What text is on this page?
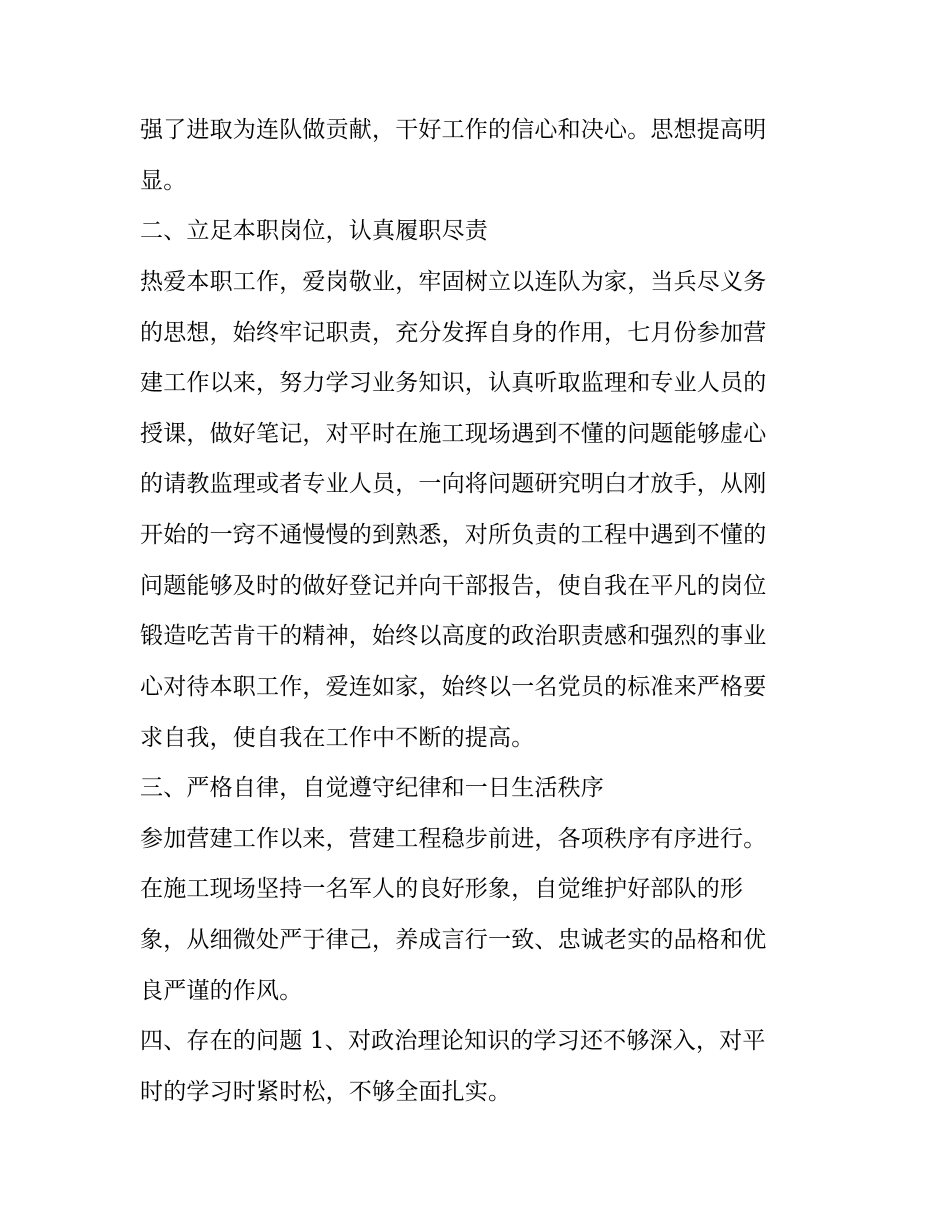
强了进取为连队做贡献，干好工作的信心和决心。思想提高明
显。
二、立足本职岗位，认真履职尽责
热爱本职工作，爱岗敬业，牢固树立以连队为家，当兵尽义务
的思想，始终牢记职责，充分发挥自身的作用，七月份参加营
建工作以来，努力学习业务知识，认真听取监理和专业人员的
授课，做好笔记，对平时在施工现场遇到不懂的问题能够虚心
的请教监理或者专业人员，一向将问题研究明白才放手，从刚
开始的一窍不通慢慢的到熟悉，对所负责的工程中遇到不懂的
问题能够及时的做好登记并向干部报告，使自我在平凡的岗位
锻造吃苦肯干的精神，始终以高度的政治职责感和强烈的事业
心对待本职工作，爱连如家，始终以一名党员的标准来严格要
求自我，使自我在工作中不断的提高。
三、严格自律，自觉遵守纪律和一日生活秩序
参加营建工作以来，营建工程稳步前进，各项秩序有序进行。
在施工现场坚持一名军人的良好形象，自觉维护好部队的形
象，从细微处严于律己，养成言行一致、忠诚老实的品格和优
良严谨的作风。
四、存在的问题 1、对政治理论知识的学习还不够深入，对平
时的学习时紧时松，不够全面扎实。
